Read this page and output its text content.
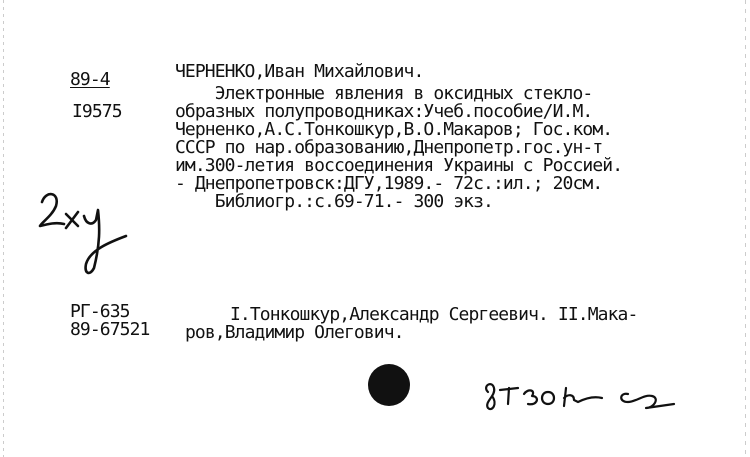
89-4
I9575
ЧЕРНЕНКО,Иван Михайлович.
Электронные явления в оксидных стекло-
образных полупроводниках:Учеб.пособие/И.М.
Черненко,А.С.Тонкошкур,В.О.Макаров; Гос.ком.
СССР по нар.образованию,Днепропетр.гос.ун-т
им.300-летия воссоединения Украины с Россией.
- Днепропетровск:ДГУ,1989.- 72с.:ил.; 20см.
Библиогр.:с.69-71.- 300 экз.
РГ-635
89-67521
I.Тонкошкур,Александр Сергеевич. II.Мака-
ров,Владимир Олегович.
